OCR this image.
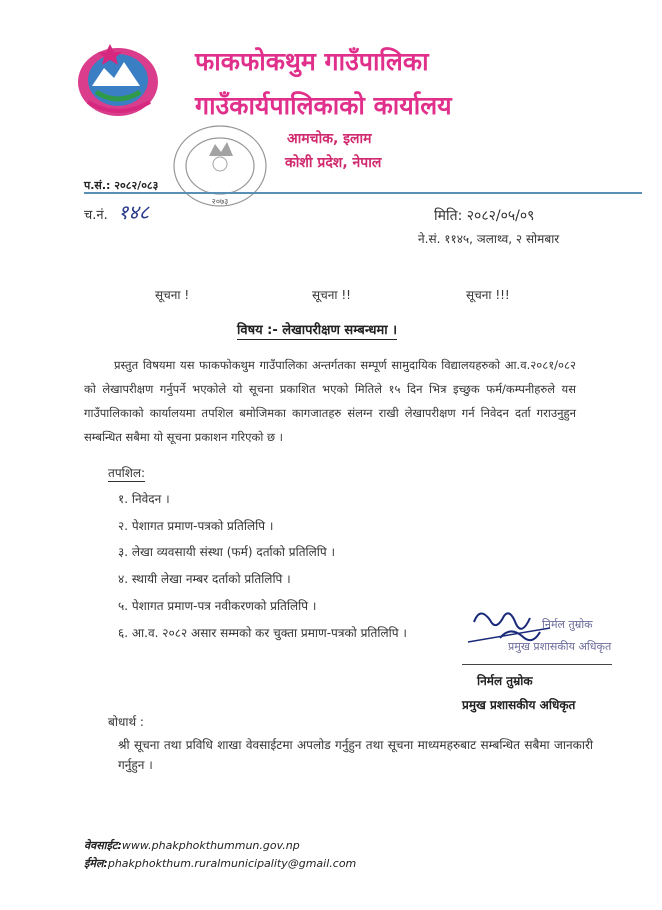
फाकफोकथुम गाउँपालिका
गाउँकार्यपालिकाको कार्यालय
आमचोक, इलाम
कोशी प्रदेश, नेपाल
२०७३
प.सं.: २०८२/०८३
च.नं. १४८	मिति: २०८२/०५/०९
ने.सं. ११४५, ञलाथ्व, २ सोमबार
सूचना !	सूचना !!	सूचना !!!
विषय :- लेखापरीक्षण सम्बन्धमा ।
प्रस्तुत विषयमा यस फाकफोकथुम गाउँपालिका अन्तर्गतका सम्पूर्ण सामुदायिक विद्यालयहरुको आ.व.२०८१/०८२ को लेखापरीक्षण गर्नुपर्ने भएकोले यो सूचना प्रकाशित भएको मितिले १५ दिन भित्र इच्छुक फर्म/कम्पनीहरुले यस गाउँपालिकाको कार्यालयमा तपशिल बमोजिमका कागजातहरु संलग्न राखी लेखापरीक्षण गर्न निवेदन दर्ता गराउनुहुन सम्बन्धित सबैमा यो सूचना प्रकाशन गरिएको छ ।
तपशिल:
१. निवेदन ।
२. पेशागत प्रमाण-पत्रको प्रतिलिपि ।
३. लेखा व्यवसायी संस्था (फर्म) दर्ताको प्रतिलिपि ।
४. स्थायी लेखा नम्बर दर्ताको प्रतिलिपि ।
५. पेशागत प्रमाण-पत्र नवीकरणको प्रतिलिपि ।
६. आ.व. २०८२ असार सम्मको कर चुक्ता प्रमाण-पत्रको प्रतिलिपि ।
निर्मल तुम्रोक
प्रमुख प्रशासकीय अधिकृत
निर्मल तुम्रोक
प्रमुख प्रशासकीय अधिकृत
बोधार्थ :
श्री सूचना तथा प्रविधि शाखा वेवसाईटमा अपलोड गर्नुहुन तथा सूचना माध्यमहरुबाट सम्बन्धित सबैमा जानकारी गर्नुहुन ।
वेवसाईट:www.phakphokthummun.gov.np
ईमेल:phakphokthum.ruralmunicipality@gmail.com
